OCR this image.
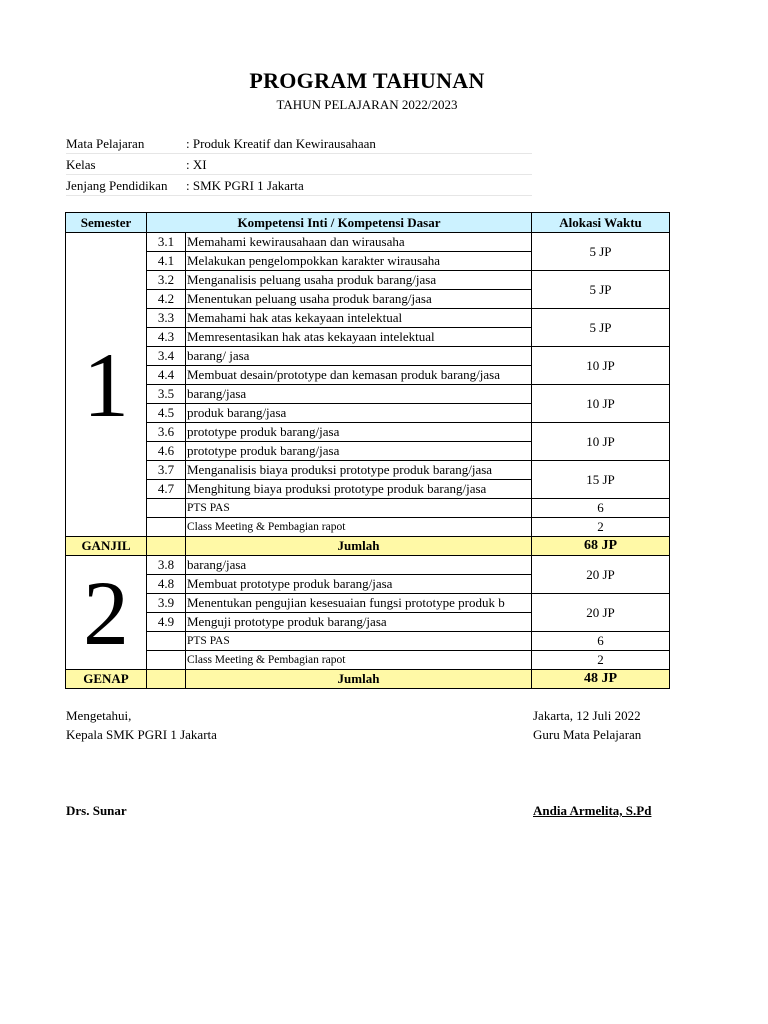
PROGRAM TAHUNAN
TAHUN PELAJARAN 2022/2023
Mata Pelajaran	: Produk Kreatif dan Kewirausahaan
Kelas	: XI
Jenjang Pendidikan	: SMK PGRI 1 Jakarta
Semester	Kompetensi Inti / Kompetensi Dasar		Alokasi Waktu
1	3.1	Memahami kewirausahaan dan wirausaha	5 JP
	4.1	Melakukan pengelompokkan karakter wirausaha	
	3.2	Menganalisis peluang usaha produk barang/jasa	5 JP
	4.2	Menentukan peluang usaha produk barang/jasa	
	3.3	Memahami hak atas kekayaan intelektual	5 JP
	4.3	Memresentasikan hak atas kekayaan intelektual	
	3.4	barang/ jasa	10 JP
	4.4	Membuat desain/prototype dan kemasan produk barang/jasa	
	3.5	barang/jasa	10 JP
	4.5	produk barang/jasa	
	3.6	prototype produk barang/jasa	10 JP
	4.6	prototype produk barang/jasa	
	3.7	Menganalisis biaya produksi prototype produk barang/jasa	15 JP
	4.7	Menghitung biaya produksi prototype produk barang/jasa	
		PTS PAS	6
		Class Meeting & Pembagian rapot	2
GANJIL		Jumlah	68 JP
2	3.8	barang/jasa	20 JP
	4.8	Membuat prototype produk barang/jasa	
	3.9	Menentukan pengujian kesesuaian fungsi prototype produk b	20 JP
	4.9	Menguji prototype produk barang/jasa	
		PTS PAS	6
		Class Meeting & Pembagian rapot	2
GENAP		Jumlah	48 JP
Mengetahui,
Kepala SMK PGRI 1 Jakarta
Drs. Sunar
Jakarta, 12 Juli 2022
Guru Mata Pelajaran
Andia Armelita, S.Pd
